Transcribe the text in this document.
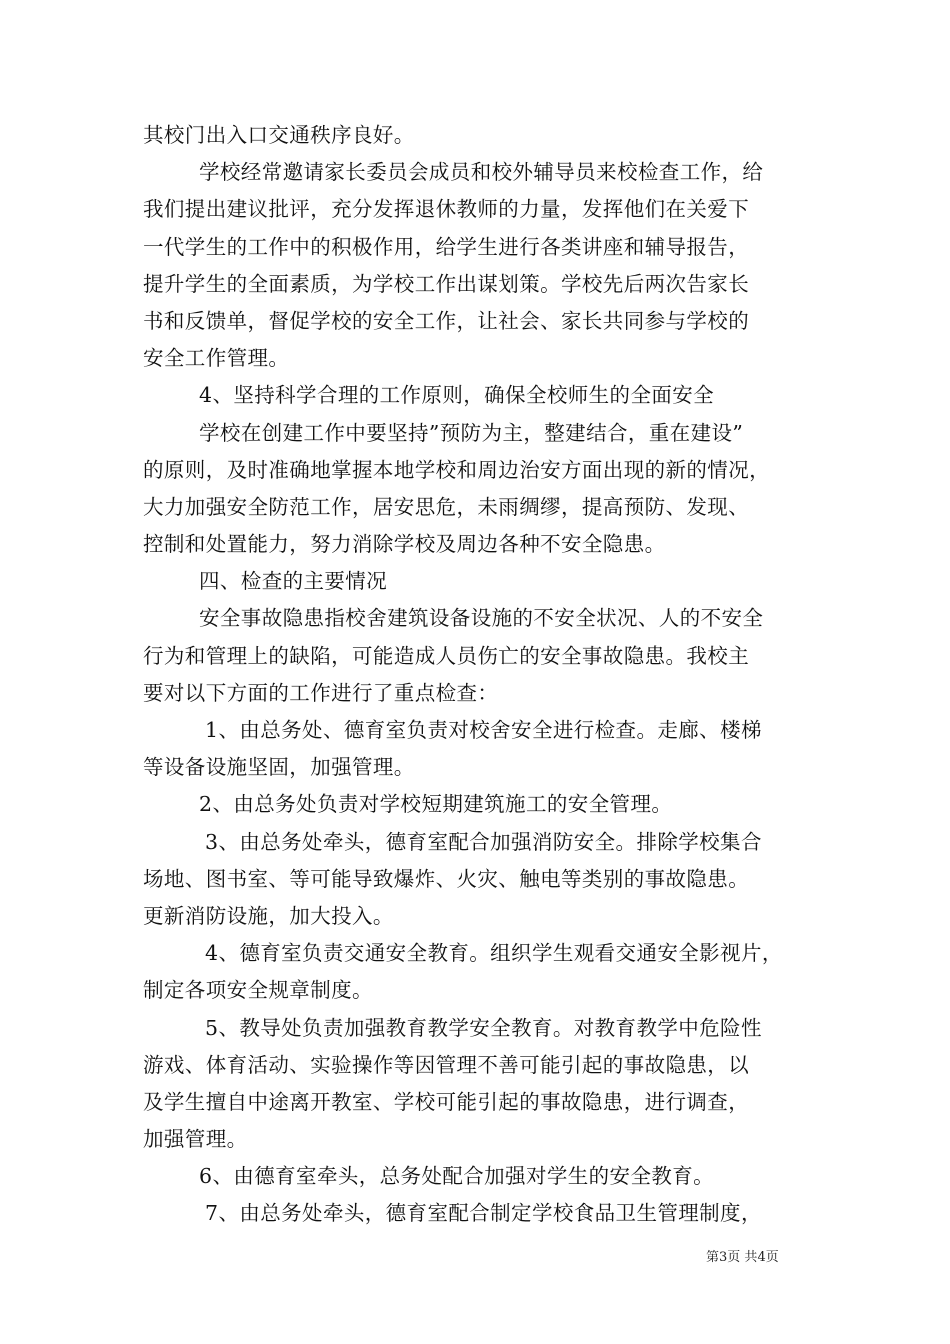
其校门出入口交通秩序良好。
学校经常邀请家长委员会成员和校外辅导员来校检查工作，给
我们提出建议批评，充分发挥退休教师的力量，发挥他们在关爱下
一代学生的工作中的积极作用，给学生进行各类讲座和辅导报告，
提升学生的全面素质，为学校工作出谋划策。学校先后两次告家长
书和反馈单，督促学校的安全工作，让社会、家长共同参与学校的
安全工作管理。
4、坚持科学合理的工作原则，确保全校师生的全面安全
学校在创建工作中要坚持”预防为主，整建结合，重在建设”
的原则，及时准确地掌握本地学校和周边治安方面出现的新的情况，
大力加强安全防范工作，居安思危，未雨绸缪，提高预防、发现、
控制和处置能力，努力消除学校及周边各种不安全隐患。
四、检查的主要情况
安全事故隐患指校舍建筑设备设施的不安全状况、人的不安全
行为和管理上的缺陷，可能造成人员伤亡的安全事故隐患。我校主
要对以下方面的工作进行了重点检查：
1、由总务处、德育室负责对校舍安全进行检查。走廊、楼梯
等设备设施坚固，加强管理。
2、由总务处负责对学校短期建筑施工的安全管理。
3、由总务处牵头，德育室配合加强消防安全。排除学校集合
场地、图书室、等可能导致爆炸、火灾、触电等类别的事故隐患。
更新消防设施，加大投入。
4、德育室负责交通安全教育。组织学生观看交通安全影视片，
制定各项安全规章制度。
5、教导处负责加强教育教学安全教育。对教育教学中危险性
游戏、体育活动、实验操作等因管理不善可能引起的事故隐患，以
及学生擅自中途离开教室、学校可能引起的事故隐患，进行调查，
加强管理。
6、由德育室牵头，总务处配合加强对学生的安全教育。
7、由总务处牵头，德育室配合制定学校食品卫生管理制度，
第3页 共4页
